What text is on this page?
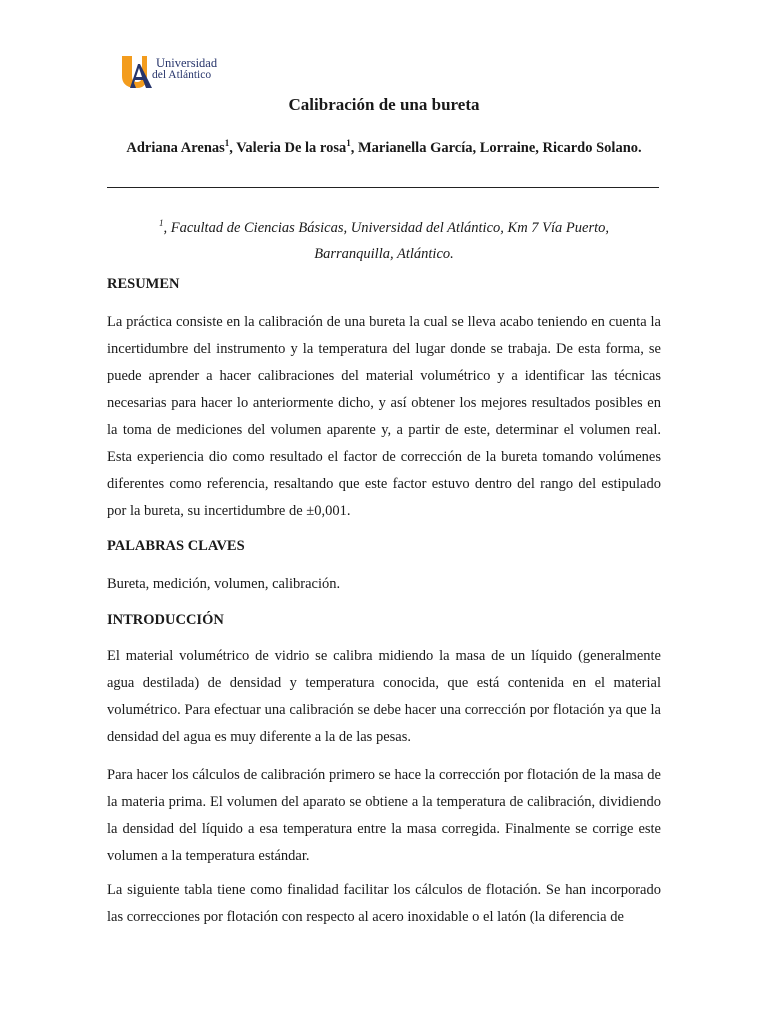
Universidad
del Atlántico
Calibración de una bureta

Adriana Arenas$^1$, Valeria De la rosa$^1$, Marianella García, Lorraine, Ricardo Solano.

$^1$, Facultad de Ciencias Básicas, Universidad del Atlántico, Km 7 Vía Puerto,
Barranquilla, Atlántico.

RESUMEN

La práctica consiste en la calibración de una bureta la cual se lleva acabo teniendo en cuenta la incertidumbre del instrumento y la temperatura del lugar donde se trabaja. De esta forma, se puede aprender a hacer calibraciones del material volumétrico y a identificar las técnicas necesarias para hacer lo anteriormente dicho, y así obtener los mejores resultados posibles en la toma de mediciones del volumen aparente y, a partir de este, determinar el volumen real. Esta experiencia dio como resultado el factor de corrección de la bureta tomando volúmenes diferentes como referencia, resaltando que este factor estuvo dentro del rango del estipulado por la bureta, su incertidumbre de ±0,001.

PALABRAS CLAVES

Bureta, medición, volumen, calibración.

INTRODUCCIÓN

El material volumétrico de vidrio se calibra midiendo la masa de un líquido (generalmente agua destilada) de densidad y temperatura conocida, que está contenida en el material volumétrico. Para efectuar una calibración se debe hacer una corrección por flotación ya que la densidad del agua es muy diferente a la de las pesas.

Para hacer los cálculos de calibración primero se hace la corrección por flotación de la masa de la materia prima. El volumen del aparato se obtiene a la temperatura de calibración, dividiendo la densidad del líquido a esa temperatura entre la masa corregida. Finalmente se corrige este volumen a la temperatura estándar.

La siguiente tabla tiene como finalidad facilitar los cálculos de flotación. Se han incorporado las correcciones por flotación con respecto al acero inoxidable o el latón (la diferencia de
